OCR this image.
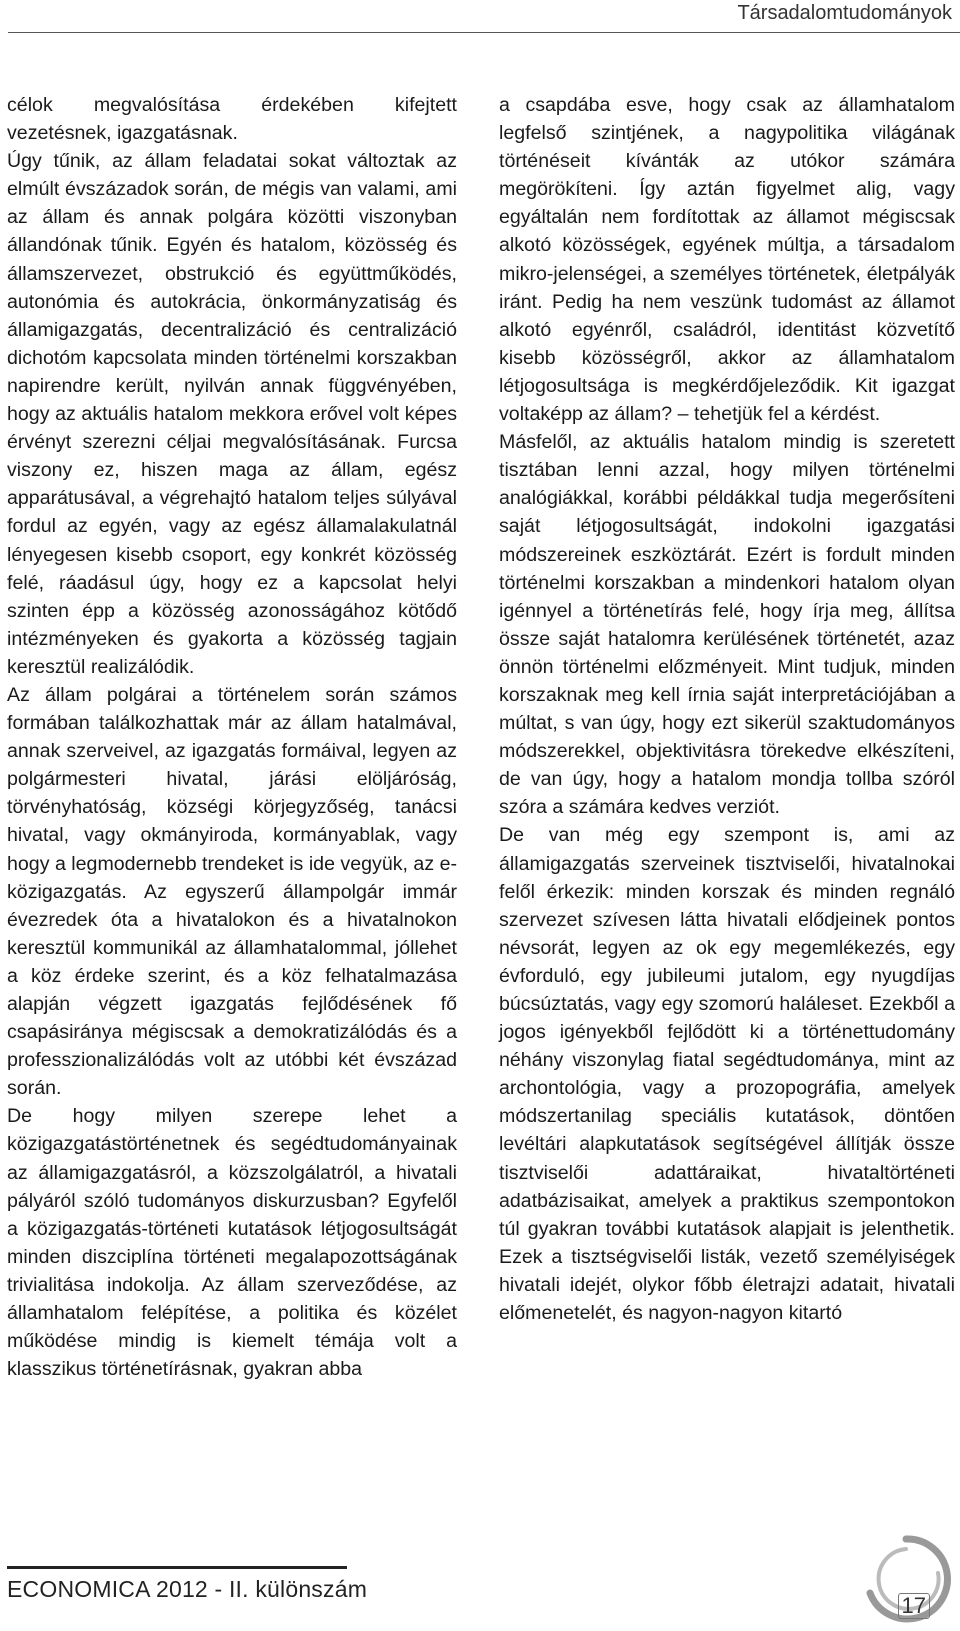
Társadalomtudományok

célok megvalósítása érdekében kifejtett vezetésnek, igazgatásnak.

Úgy tűnik, az állam feladatai sokat változtak az elmúlt évszázadok során, de mégis van valami, ami az állam és annak polgára közötti viszonyban állandónak tűnik. Egyén és hatalom, közösség és államszervezet, obstrukció és együttműködés, autonómia és autokrácia, önkormányzatiság és államigazgatás, decentralizáció és centralizáció dichotóm kapcsolata minden történelmi korszakban napirendre került, nyilván annak függvényében, hogy az aktuális hatalom mekkora erővel volt képes érvényt szerezni céljai megvalósításának. Furcsa viszony ez, hiszen maga az állam, egész apparátusával, a végrehajtó hatalom teljes súlyával fordul az egyén, vagy az egész államalakulatnál lényegesen kisebb csoport, egy konkrét közösség felé, ráadásul úgy, hogy ez a kapcsolat helyi szinten épp a közösség azonosságához kötődő intézményeken és gyakorta a közösség tagjain keresztül realizálódik.

Az állam polgárai a történelem során számos formában találkozhattak már az állam hatalmával, annak szerveivel, az igazgatás formáival, legyen az polgármesteri hivatal, járási elöljáróság, törvényhatóság, községi körjegyzőség, tanácsi hivatal, vagy okmányiroda, kormányablak, vagy hogy a legmodernebb trendeket is ide vegyük, az e-közigazgatás. Az egyszerű állampolgár immár évezredek óta a hivatalokon és a hivatalnokon keresztül kommunikál az államhatalommal, jóllehet a köz érdeke szerint, és a köz felhatalmazása alapján végzett igazgatás fejlődésének fő csapásiránya mégiscsak a demokratizálódás és a professzionalizálódás volt az utóbbi két évszázad során.

De hogy milyen szerepe lehet a közigazgatástörténetnek és segédtudományainak az államigazgatásról, a közszolgálatról, a hivatali pályáról szóló tudományos diskurzusban? Egyfelől a közigazgatás-történeti kutatások létjogosultságát minden diszciplína történeti megalapozottságának trivialitása indokolja. Az állam szerveződése, az államhatalom felépítése, a politika és közélet működése mindig is kiemelt témája volt a klasszikus történetírásnak, gyakran abba

a csapdába esve, hogy csak az államhatalom legfelső szintjének, a nagypolitika világának történéseit kívánták az utókor számára megörökíteni. Így aztán figyelmet alig, vagy egyáltalán nem fordítottak az államot mégiscsak alkotó közösségek, egyének múltja, a társadalom mikro-jelenségei, a személyes történetek, életpályák iránt. Pedig ha nem veszünk tudomást az államot alkotó egyénről, családról, identitást közvetítő kisebb közösségről, akkor az államhatalom létjogosultsága is megkérdőjeleződik. Kit igazgat voltaképp az állam? – tehetjük fel a kérdést.

Másfelől, az aktuális hatalom mindig is szeretett tisztában lenni azzal, hogy milyen történelmi analógiákkal, korábbi példákkal tudja megerősíteni saját létjogosultságát, indokolni igazgatási módszereinek eszköztárát. Ezért is fordult minden történelmi korszakban a mindenkori hatalom olyan igénnyel a történetírás felé, hogy írja meg, állítsa össze saját hatalomra kerülésének történetét, azaz önnön történelmi előzményeit. Mint tudjuk, minden korszaknak meg kell írnia saját interpretációjában a múltat, s van úgy, hogy ezt sikerül szaktudományos módszerekkel, objektivitásra törekedve elkészíteni, de van úgy, hogy a hatalom mondja tollba szóról szóra a számára kedves verziót.

De van még egy szempont is, ami az államigazgatás szerveinek tisztviselői, hivatalnokai felől érkezik: minden korszak és minden regnáló szervezet szívesen látta hivatali elődjeinek pontos névsorát, legyen az ok egy megemlékezés, egy évforduló, egy jubileumi jutalom, egy nyugdíjas búcsúztatás, vagy egy szomorú haláleset. Ezekből a jogos igényekből fejlődött ki a történettudomány néhány viszonylag fiatal segédtudománya, mint az archontológia, vagy a prozopográfia, amelyek módszertanilag speciális kutatások, döntően levéltári alapkutatások segítségével állítják össze tisztviselői adattáraikat, hivataltörténeti adatbázisaikat, amelyek a praktikus szempontokon túl gyakran további kutatások alapjait is jelenthetik. Ezek a tisztségviselői listák, vezető személyiségek hivatali idejét, olykor főbb életrajzi adatait, hivatali előmenetelét, és nagyon-nagyon kitartó

ECONOMICA 2012 - II. különszám
17
